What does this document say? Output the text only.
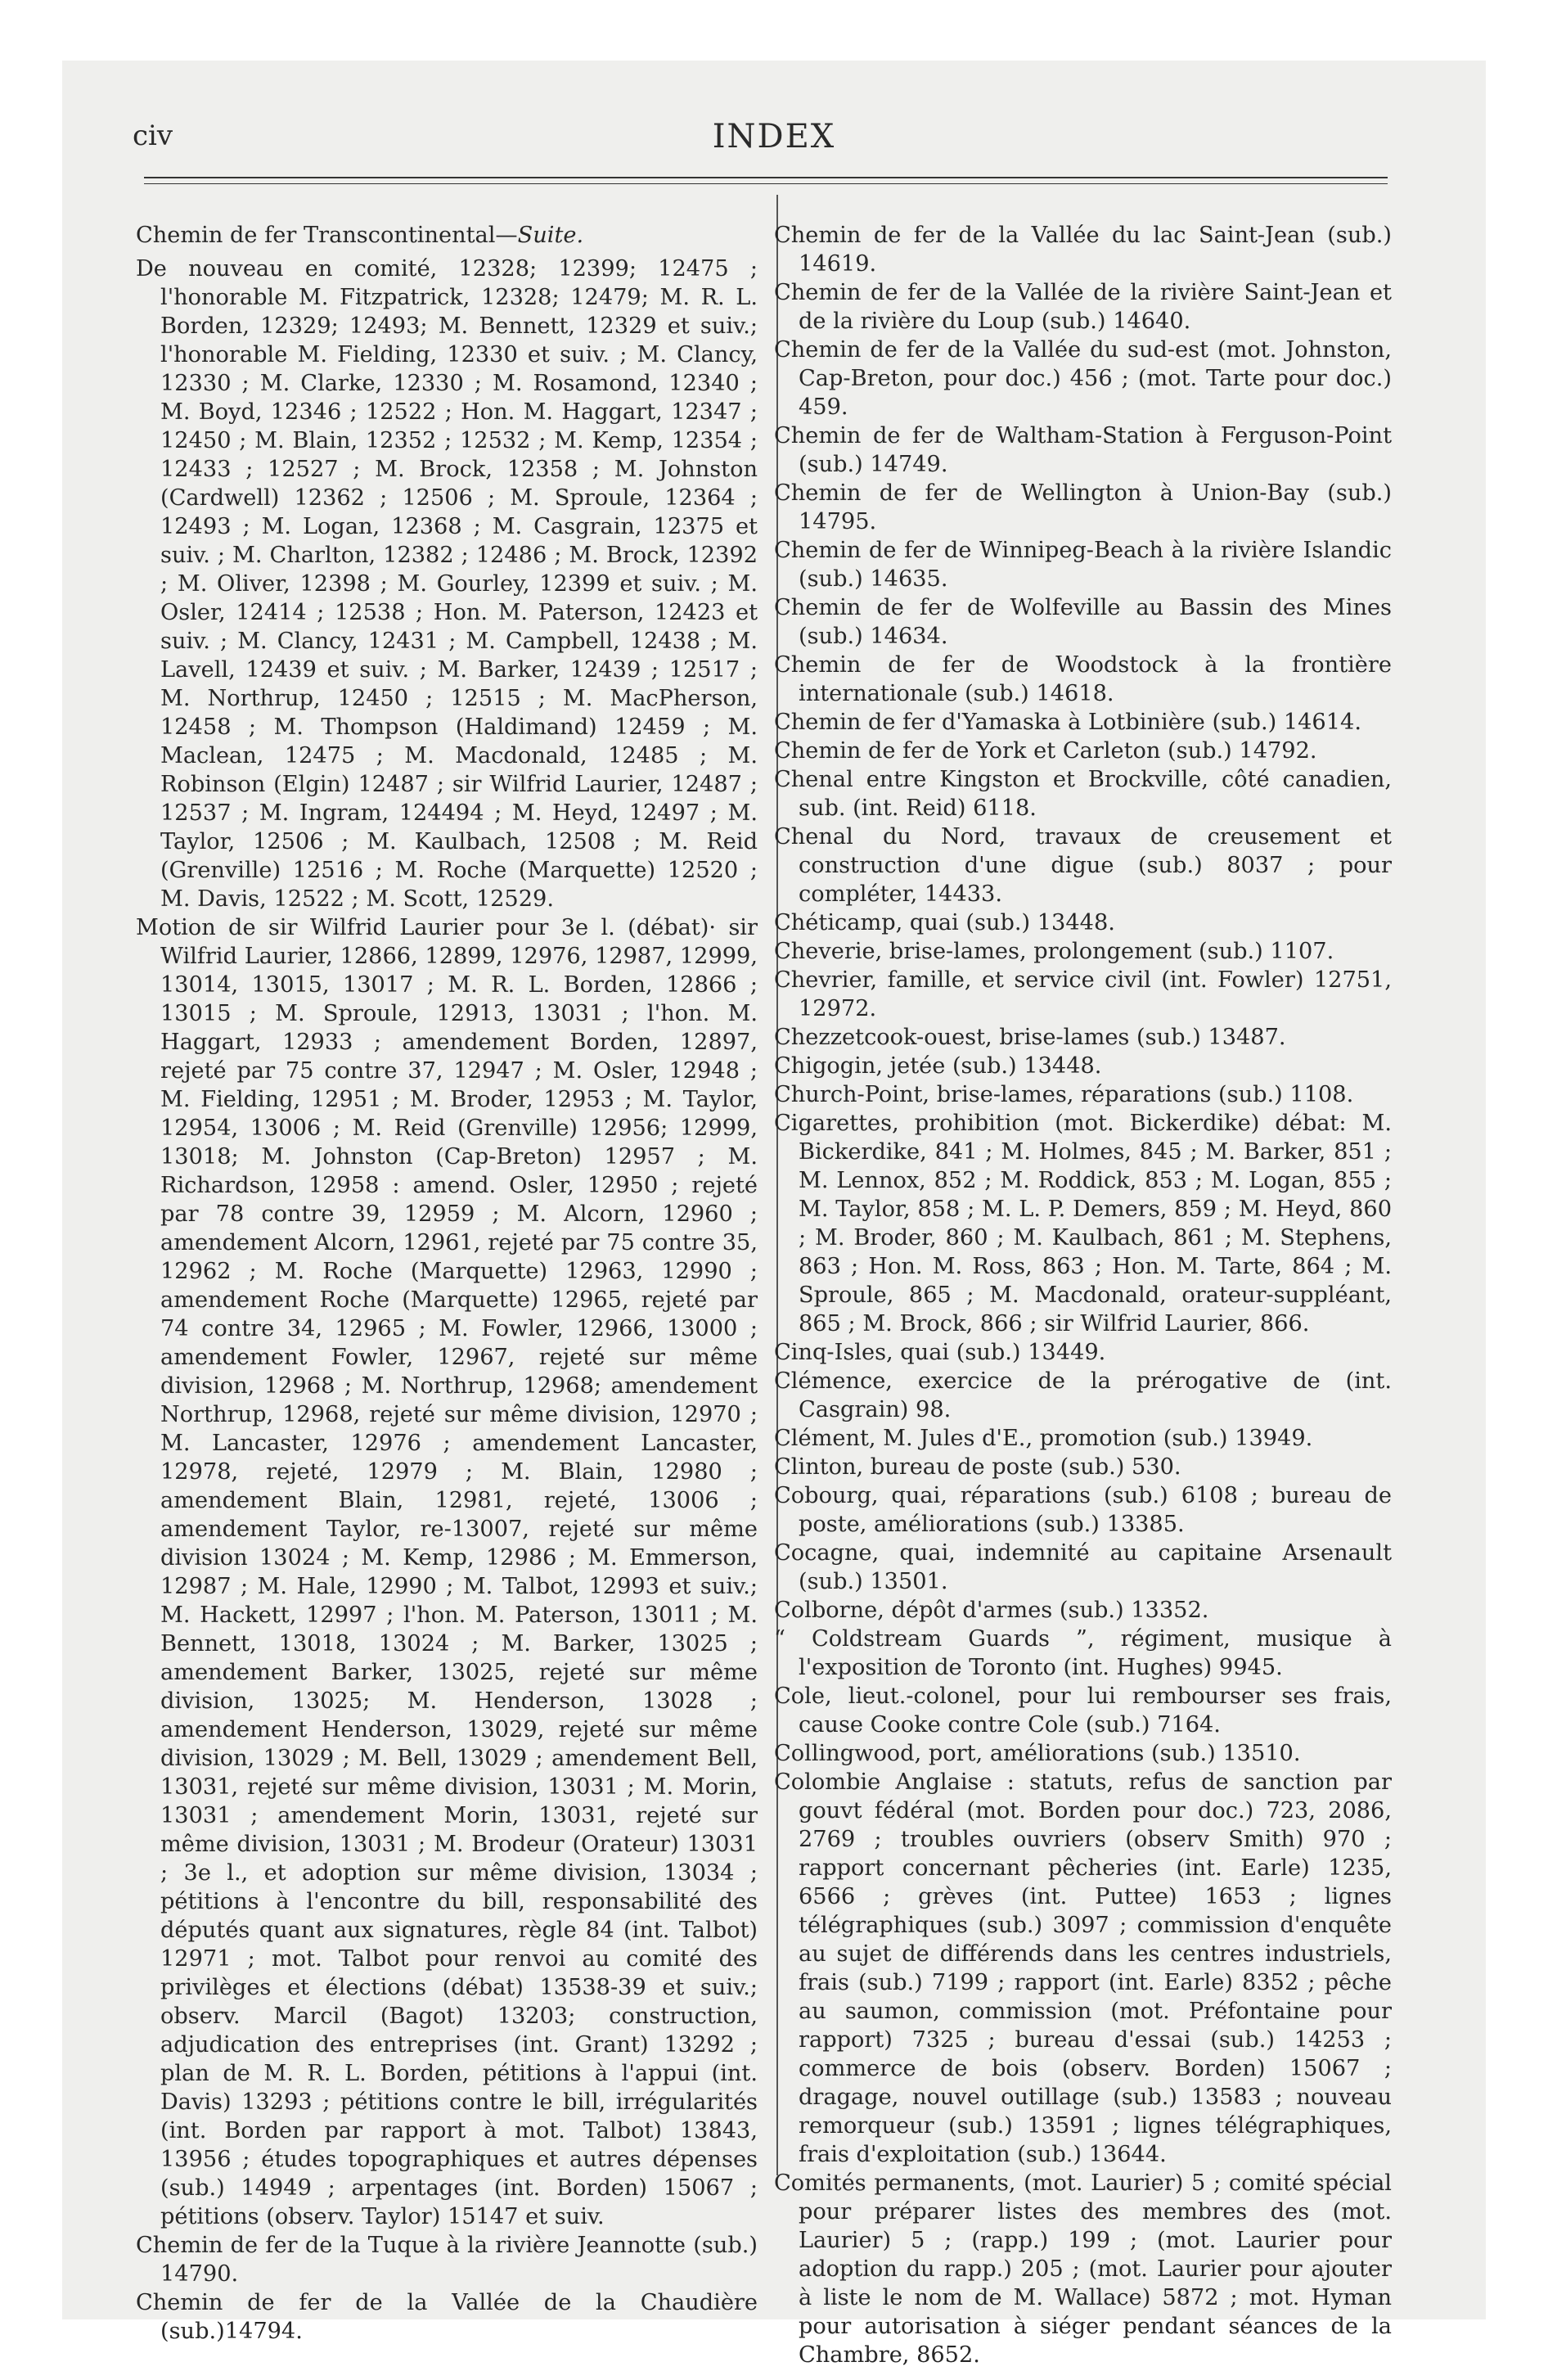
civ	INDEX

Chemin de fer Transcontinental—Suite.

De nouveau en comité, 12328; 12399; 12475 ; l'honorable M. Fitzpatrick, 12328; 12479; M. R. L. Borden, 12329; 12493; M. Bennett, 12329 et suiv.; l'honorable M. Fielding, 12330 et suiv. ; M. Clancy, 12330 ; M. Clarke, 12330 ; M. Rosamond, 12340 ; M. Boyd, 12346 ; 12522 ; Hon. M. Haggart, 12347 ; 12450 ; M. Blain, 12352 ; 12532 ; M. Kemp, 12354 ; 12433 ; 12527 ; M. Brock, 12358 ; M. Johnston (Cardwell) 12362 ; 12506 ; M. Sproule, 12364 ; 12493 ; M. Logan, 12368 ; M. Casgrain, 12375 et suiv. ; M. Charlton, 12382 ; 12486 ; M. Brock, 12392 ; M. Oliver, 12398 ; M. Gourley, 12399 et suiv. ; M. Osler, 12414 ; 12538 ; Hon. M. Paterson, 12423 et suiv. ; M. Clancy, 12431 ; M. Campbell, 12438 ; M. Lavell, 12439 et suiv. ; M. Barker, 12439 ; 12517 ; M. Northrup, 12450 ; 12515 ; M. MacPherson, 12458 ; M. Thompson (Haldimand) 12459 ; M. Maclean, 12475 ; M. Macdonald, 12485 ; M. Robinson (Elgin) 12487 ; sir Wilfrid Laurier, 12487 ; 12537 ; M. Ingram, 124494 ; M. Heyd, 12497 ; M. Taylor, 12506 ; M. Kaulbach, 12508 ; M. Reid (Grenville) 12516 ; M. Roche (Marquette) 12520 ; M. Davis, 12522 ; M. Scott, 12529.

Motion de sir Wilfrid Laurier pour 3e l. (débat)· sir Wilfrid Laurier, 12866, 12899, 12976, 12987, 12999, 13014, 13015, 13017 ; M. R. L. Borden, 12866 ; 13015 ; M. Sproule, 12913, 13031 ; l'hon. M. Haggart, 12933 ; amendement Borden, 12897, rejeté par 75 contre 37, 12947 ; M. Osler, 12948 ; M. Fielding, 12951 ; M. Broder, 12953 ; M. Taylor, 12954, 13006 ; M. Reid (Grenville) 12956; 12999, 13018; M. Johnston (Cap-Breton) 12957 ; M. Richardson, 12958 : amend. Osler, 12950 ; rejeté par 78 contre 39, 12959 ; M. Alcorn, 12960 ; amendement Alcorn, 12961, rejeté par 75 contre 35, 12962 ; M. Roche (Marquette) 12963, 12990 ; amendement Roche (Marquette) 12965, rejeté par 74 contre 34, 12965 ; M. Fowler, 12966, 13000 ; amendement Fowler, 12967, rejeté sur même division, 12968 ; M. Northrup, 12968; amendement Northrup, 12968, rejeté sur même division, 12970 ; M. Lancaster, 12976 ; amendement Lancaster, 12978, rejeté, 12979 ; M. Blain, 12980 ; amendement Blain, 12981, rejeté, 13006 ; amendement Taylor, re-13007, rejeté sur même division 13024 ; M. Kemp, 12986 ; M. Emmerson, 12987 ; M. Hale, 12990 ; M. Talbot, 12993 et suiv.; M. Hackett, 12997 ; l'hon. M. Paterson, 13011 ; M. Bennett, 13018, 13024 ; M. Barker, 13025 ; amendement Barker, 13025, rejeté sur même division, 13025; M. Henderson, 13028 ; amendement Henderson, 13029, rejeté sur même division, 13029 ; M. Bell, 13029 ; amendement Bell, 13031, rejeté sur même division, 13031 ; M. Morin, 13031 ; amendement Morin, 13031, rejeté sur même division, 13031 ; M. Brodeur (Orateur) 13031 ; 3e l., et adoption sur même division, 13034 ; pétitions à l'encontre du bill, responsabilité des députés quant aux signatures, règle 84 (int. Talbot) 12971 ; mot. Talbot pour renvoi au comité des privilèges et élections (débat) 13538-39 et suiv.; observ. Marcil (Bagot) 13203; construction, adjudication des entreprises (int. Grant) 13292 ; plan de M. R. L. Borden, pétitions à l'appui (int. Davis) 13293 ; pétitions contre le bill, irrégularités (int. Borden par rapport à mot. Talbot) 13843, 13956 ; études topographiques et autres dépenses (sub.) 14949 ; arpentages (int. Borden) 15067 ; pétitions (observ. Taylor) 15147 et suiv.

Chemin de fer de la Tuque à la rivière Jeannotte (sub.) 14790.

Chemin de fer de la Vallée de la Chaudière (sub.)14794.

Chemin de fer de la Vallée du lac Saint-Jean (sub.) 14619.

Chemin de fer de la Vallée de la rivière Saint-Jean et de la rivière du Loup (sub.) 14640.

Chemin de fer de la Vallée du sud-est (mot. Johnston, Cap-Breton, pour doc.) 456 ; (mot. Tarte pour doc.) 459.

Chemin de fer de Waltham-Station à Ferguson-Point (sub.) 14749.

Chemin de fer de Wellington à Union-Bay (sub.) 14795.

Chemin de fer de Winnipeg-Beach à la rivière Islandic (sub.) 14635.

Chemin de fer de Wolfeville au Bassin des Mines (sub.) 14634.

Chemin de fer de Woodstock à la frontière internationale (sub.) 14618.

Chemin de fer d'Yamaska à Lotbinière (sub.) 14614.

Chemin de fer de York et Carleton (sub.) 14792.

Chenal entre Kingston et Brockville, côté canadien, sub. (int. Reid) 6118.

Chenal du Nord, travaux de creusement et construction d'une digue (sub.) 8037 ; pour compléter, 14433.

Chéticamp, quai (sub.) 13448.

Cheverie, brise-lames, prolongement (sub.) 1107.

Chevrier, famille, et service civil (int. Fowler) 12751, 12972.

Chezzetcook-ouest, brise-lames (sub.) 13487.

Chigogin, jetée (sub.) 13448.

Church-Point, brise-lames, réparations (sub.) 1108.

Cigarettes, prohibition (mot. Bickerdike) débat: M. Bickerdike, 841 ; M. Holmes, 845 ; M. Barker, 851 ; M. Lennox, 852 ; M. Roddick, 853 ; M. Logan, 855 ; M. Taylor, 858 ; M. L. P. Demers, 859 ; M. Heyd, 860 ; M. Broder, 860 ; M. Kaulbach, 861 ; M. Stephens, 863 ; Hon. M. Ross, 863 ; Hon. M. Tarte, 864 ; M. Sproule, 865 ; M. Macdonald, orateur-suppléant, 865 ; M. Brock, 866 ; sir Wilfrid Laurier, 866.

Cinq-Isles, quai (sub.) 13449.

Clémence, exercice de la prérogative de (int. Casgrain) 98.

Clément, M. Jules d'E., promotion (sub.) 13949.

Clinton, bureau de poste (sub.) 530.

Cobourg, quai, réparations (sub.) 6108 ; bureau de poste, améliorations (sub.) 13385.

Cocagne, quai, indemnité au capitaine Arsenault (sub.) 13501.

Colborne, dépôt d'armes (sub.) 13352.

“ Coldstream Guards ”, régiment, musique à l'exposition de Toronto (int. Hughes) 9945.

Cole, lieut.-colonel, pour lui rembourser ses frais, cause Cooke contre Cole (sub.) 7164.

Collingwood, port, améliorations (sub.) 13510.

Colombie Anglaise : statuts, refus de sanction par gouvt fédéral (mot. Borden pour doc.) 723, 2086, 2769 ; troubles ouvriers (observ Smith) 970 ; rapport concernant pêcheries (int. Earle) 1235, 6566 ; grèves (int. Puttee) 1653 ; lignes télégraphiques (sub.) 3097 ; commission d'enquête au sujet de différends dans les centres industriels, frais (sub.) 7199 ; rapport (int. Earle) 8352 ; pêche au saumon, commission (mot. Préfontaine pour rapport) 7325 ; bureau d'essai (sub.) 14253 ; commerce de bois (observ. Borden) 15067 ; dragage, nouvel outillage (sub.) 13583 ; nouveau remorqueur (sub.) 13591 ; lignes télégraphiques, frais d'exploitation (sub.) 13644.

Comités permanents, (mot. Laurier) 5 ; comité spécial pour préparer listes des membres des (mot. Laurier) 5 ; (rapp.) 199 ; (mot. Laurier pour adoption du rapp.) 205 ; (mot. Laurier pour ajouter à liste le nom de M. Wallace) 5872 ; mot. Hyman pour autorisation à siéger pendant séances de la Chambre, 8652.
